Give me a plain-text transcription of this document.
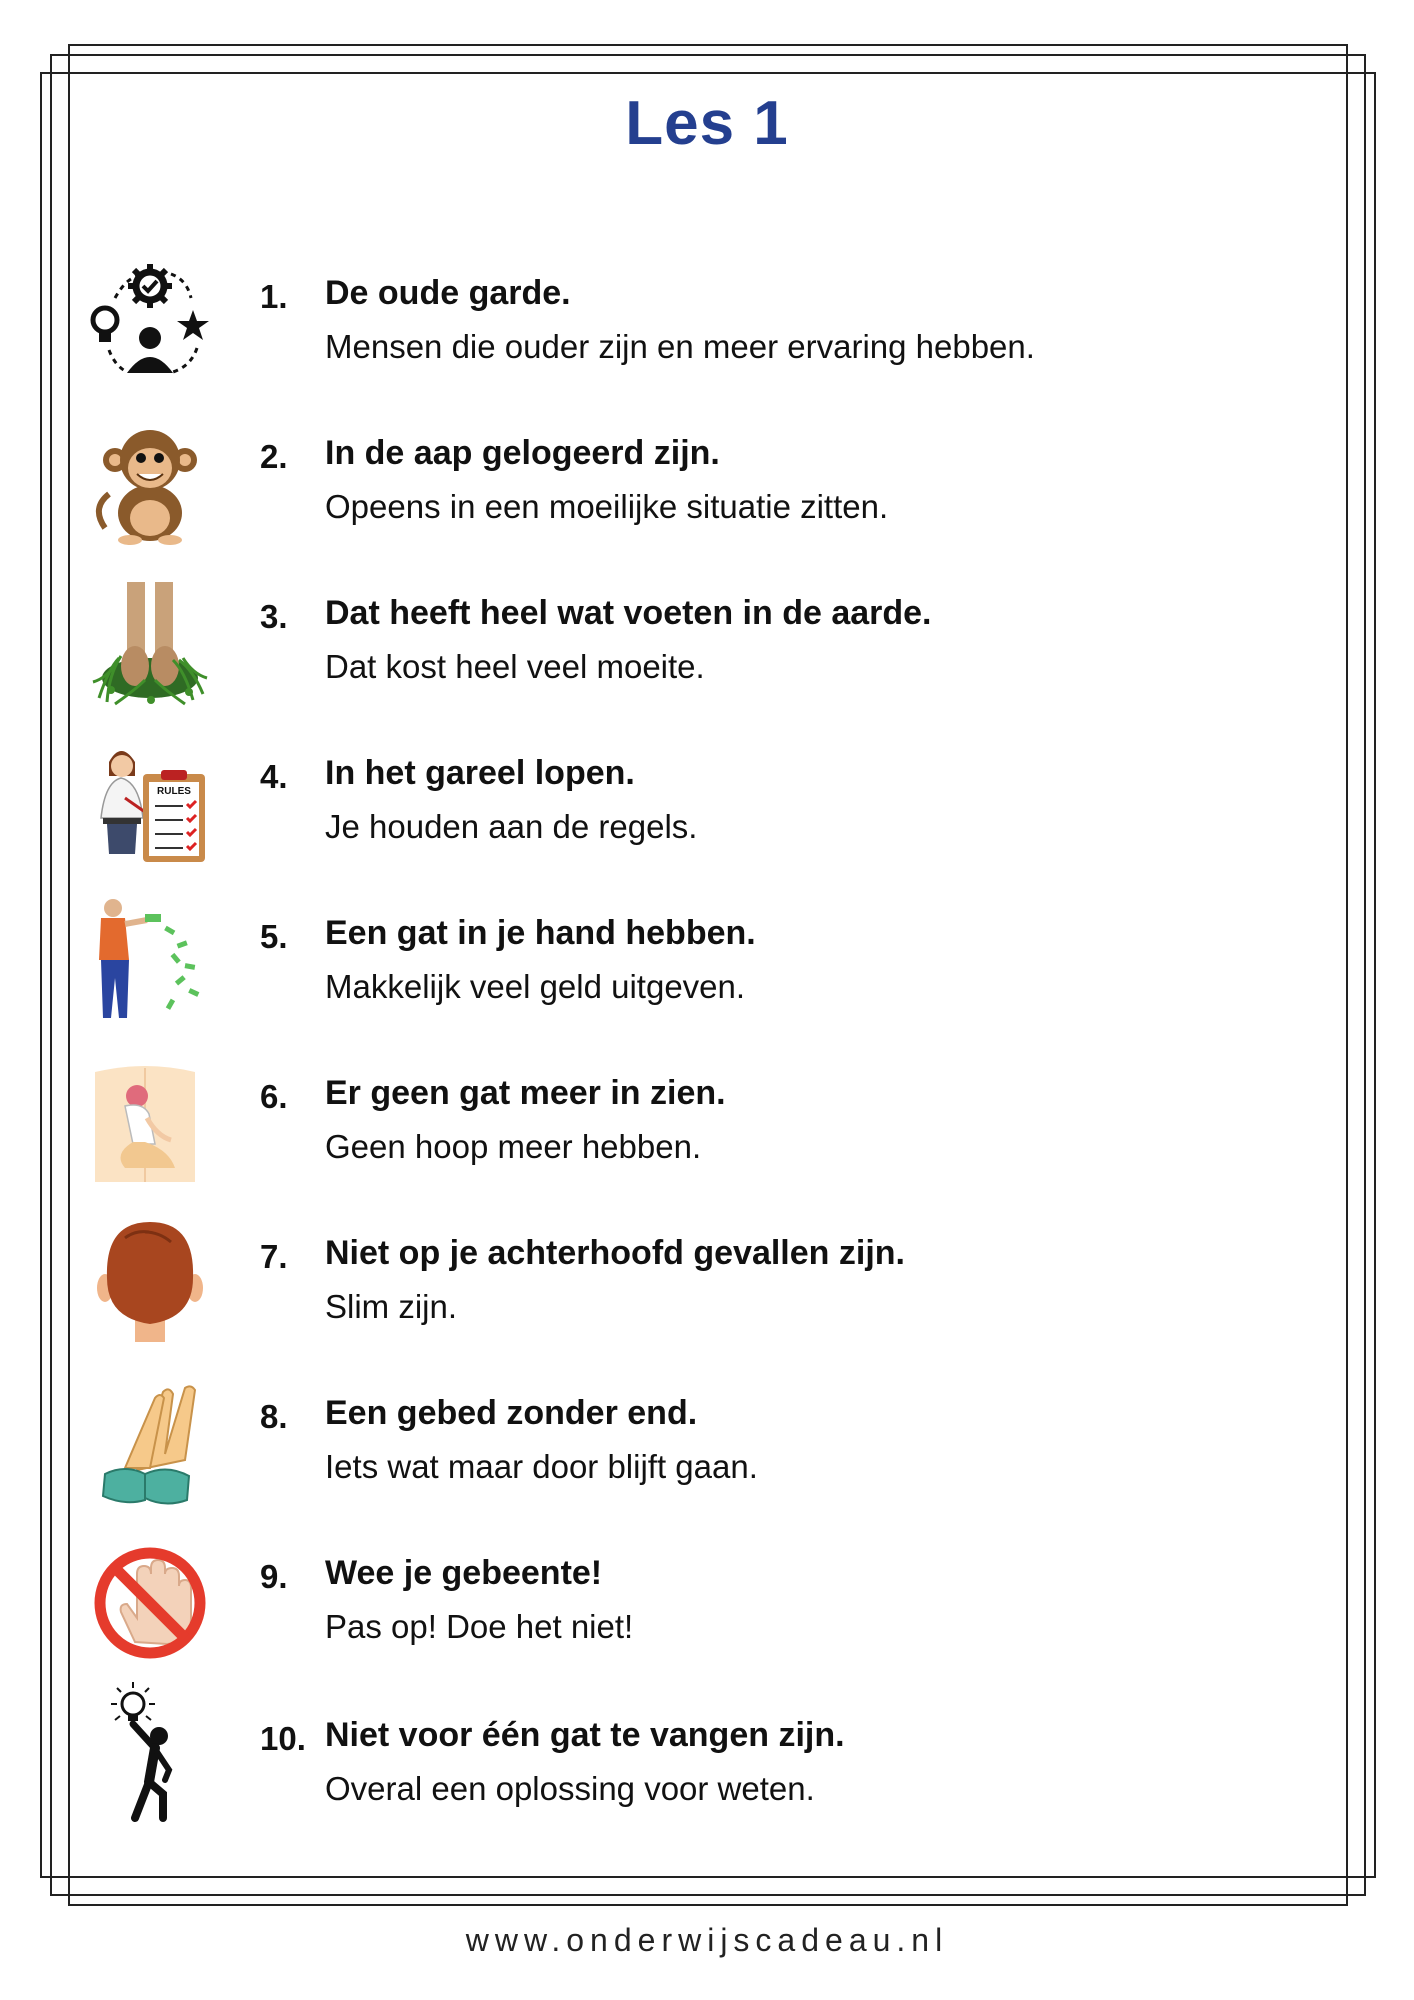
Les 1
1. De oude garde.
Mensen die ouder zijn en meer ervaring hebben.
2. In de aap gelogeerd zijn.
Opeens in een moeilijke situatie zitten.
3. Dat heeft heel wat voeten in de aarde.
Dat kost heel veel moeite.
RULES 4. In het gareel lopen.
Je houden aan de regels.
5. Een gat in je hand hebben.
Makkelijk veel geld uitgeven.
6. Er geen gat meer in zien.
Geen hoop meer hebben.
7. Niet op je achterhoofd gevallen zijn.
Slim zijn.
8. Een gebed zonder end.
Iets wat maar door blijft gaan.
9. Wee je gebeente!
Pas op! Doe het niet!
10. Niet voor één gat te vangen zijn.
Overal een oplossing voor weten.
www.onderwijscadeau.nl
